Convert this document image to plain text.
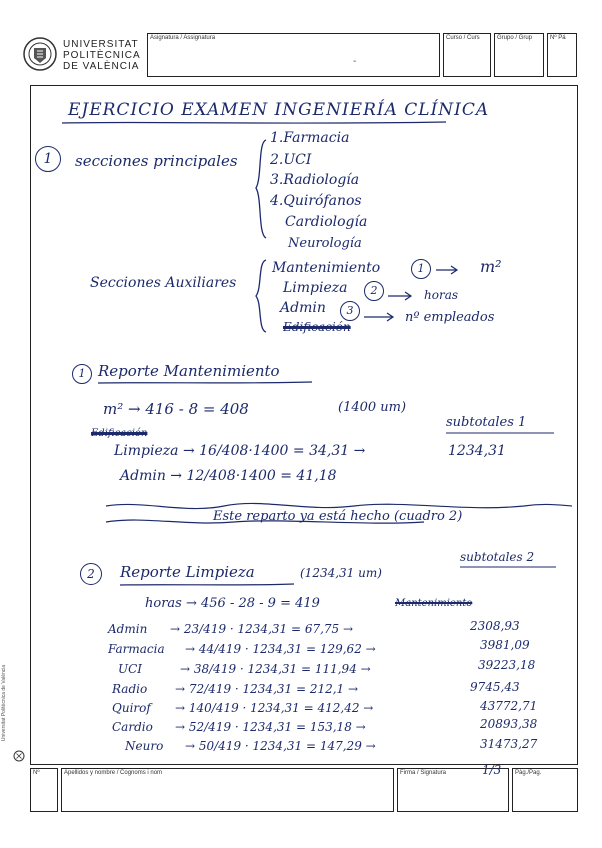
UNIVERSITAT
POLITÈCNICA
DE VALÈNCIA
Asignatura / Assignatura
-
Curso / Curs	Grupo / Grup	Nº Pá
EJERCICIO EXAMEN INGENIERÍA CLÍNICA
1	secciones principales
1.Farmacia
2.UCI
3.Radiología
4.Quirófanos
Cardiología
Neurología
Secciones Auxiliares
Mantenimiento	1	m²
Limpieza	2	horas
Admin	3	nº empleados
Edificación
1 Reporte Mantenimiento
m² → 416 - 8 = 408	(1400 um)
subtotales 1
Edificación
Limpieza → 16/408·1400 = 34,31 →	1234,31
Admin → 12/408·1400 = 41,18
Este reparto ya está hecho (cuadro 2)
2	Reporte Limpieza	(1234,31 um)
subtotales 2
horas → 456 - 28 - 9 = 419	Mantenimiento
Admin → 23/419 · 1234,31 = 67,75 →	2308,93
Farmacia → 44/419 · 1234,31 = 129,62 →	3981,09
UCI	→ 38/419 · 1234,31 = 111,94 →	39223,18
Radio → 72/419 · 1234,31 = 212,1 →	9745,43
Quirof → 140/419 · 1234,31 = 412,42 →	43772,71
Cardio → 52/419 · 1234,31 = 153,18 →	20893,38
Neuro → 50/419 · 1234,31 = 147,29 →	31473,27
Universitat Politècnica de València
Nº	Apellidos y nombre / Cognoms i nom	Firma / Signatura	1/3 Pàg./Pag.
